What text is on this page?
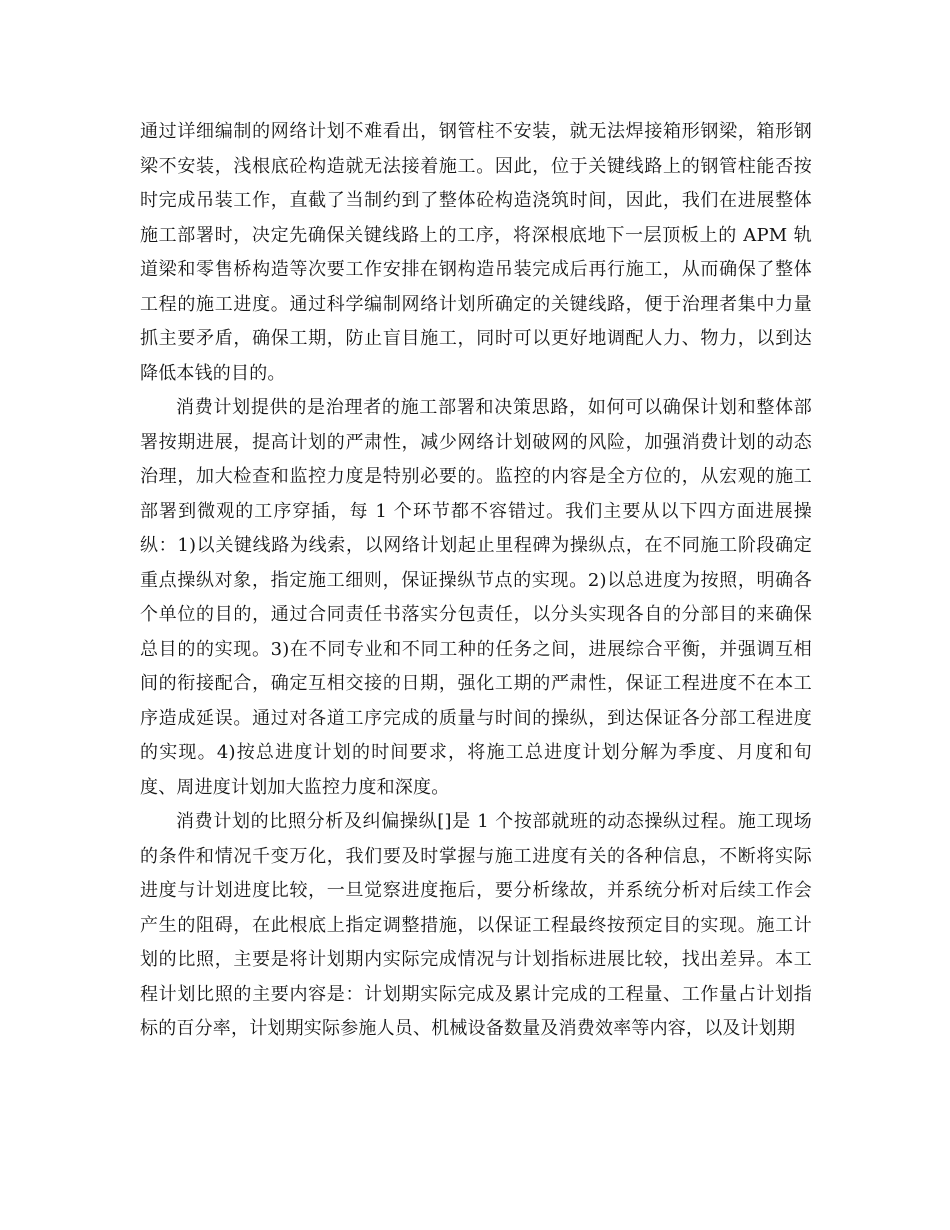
通过详细编制的网络计划不难看出，钢管柱不安装，就无法焊接箱形钢梁，箱形钢梁不安装，浅根底砼构造就无法接着施工。因此，位于关键线路上的钢管柱能否按时完成吊装工作，直截了当制约到了整体砼构造浇筑时间，因此，我们在进展整体施工部署时，决定先确保关键线路上的工序，将深根底地下一层顶板上的 APM 轨道梁和零售桥构造等次要工作安排在钢构造吊装完成后再行施工，从而确保了整体工程的施工进度。通过科学编制网络计划所确定的关键线路，便于治理者集中力量抓主要矛盾，确保工期，防止盲目施工，同时可以更好地调配人力、物力，以到达降低本钱的目的。

消费计划提供的是治理者的施工部署和决策思路，如何可以确保计划和整体部署按期进展，提高计划的严肃性，减少网络计划破网的风险，加强消费计划的动态治理，加大检查和监控力度是特别必要的。监控的内容是全方位的，从宏观的施工部署到微观的工序穿插，每 1 个环节都不容错过。我们主要从以下四方面进展操纵：1)以关键线路为线索，以网络计划起止里程碑为操纵点，在不同施工阶段确定重点操纵对象，指定施工细则，保证操纵节点的实现。2)以总进度为按照，明确各个单位的目的，通过合同责任书落实分包责任，以分头实现各自的分部目的来确保总目的的实现。3)在不同专业和不同工种的任务之间，进展综合平衡，并强调互相间的衔接配合，确定互相交接的日期，强化工期的严肃性，保证工程进度不在本工序造成延误。通过对各道工序完成的质量与时间的操纵，到达保证各分部工程进度的实现。4)按总进度计划的时间要求，将施工总进度计划分解为季度、月度和旬度、周进度计划加大监控力度和深度。

消费计划的比照分析及纠偏操纵[]是 1 个按部就班的动态操纵过程。施工现场的条件和情况千变万化，我们要及时掌握与施工进度有关的各种信息，不断将实际进度与计划进度比较，一旦觉察进度拖后，要分析缘故，并系统分析对后续工作会产生的阻碍，在此根底上指定调整措施，以保证工程最终按预定目的实现。施工计划的比照，主要是将计划期内实际完成情况与计划指标进展比较，找出差异。本工程计划比照的主要内容是：计划期实际完成及累计完成的工程量、工作量占计划指标的百分率，计划期实际参施人员、机械设备数量及消费效率等内容，以及计划期
